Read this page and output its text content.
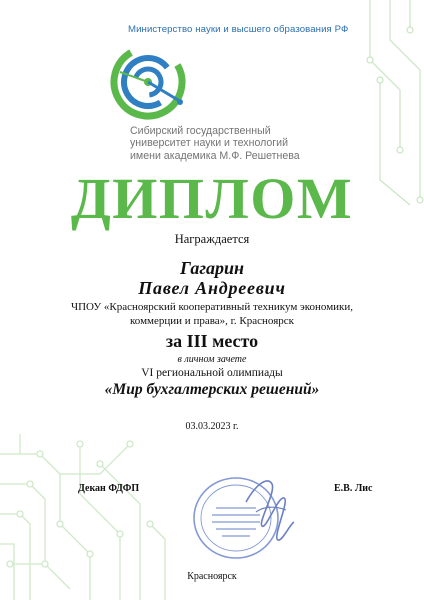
Министерство науки и высшего образования РФ
Сибирский государственный
университет науки и технологий
имени академика М.Ф. Решетнева
ДИПЛОМ
Награждается
Гагарин
Павел Андреевич
ЧПОУ «Красноярский кооперативный техникум экономики,
коммерции и права», г. Красноярск
за III место
в личном зачете
VI региональной олимпиады
«Мир бухгалтерских решений»
03.03.2023 г.
Декан ФДФП	Е.В. Лис
Красноярск
